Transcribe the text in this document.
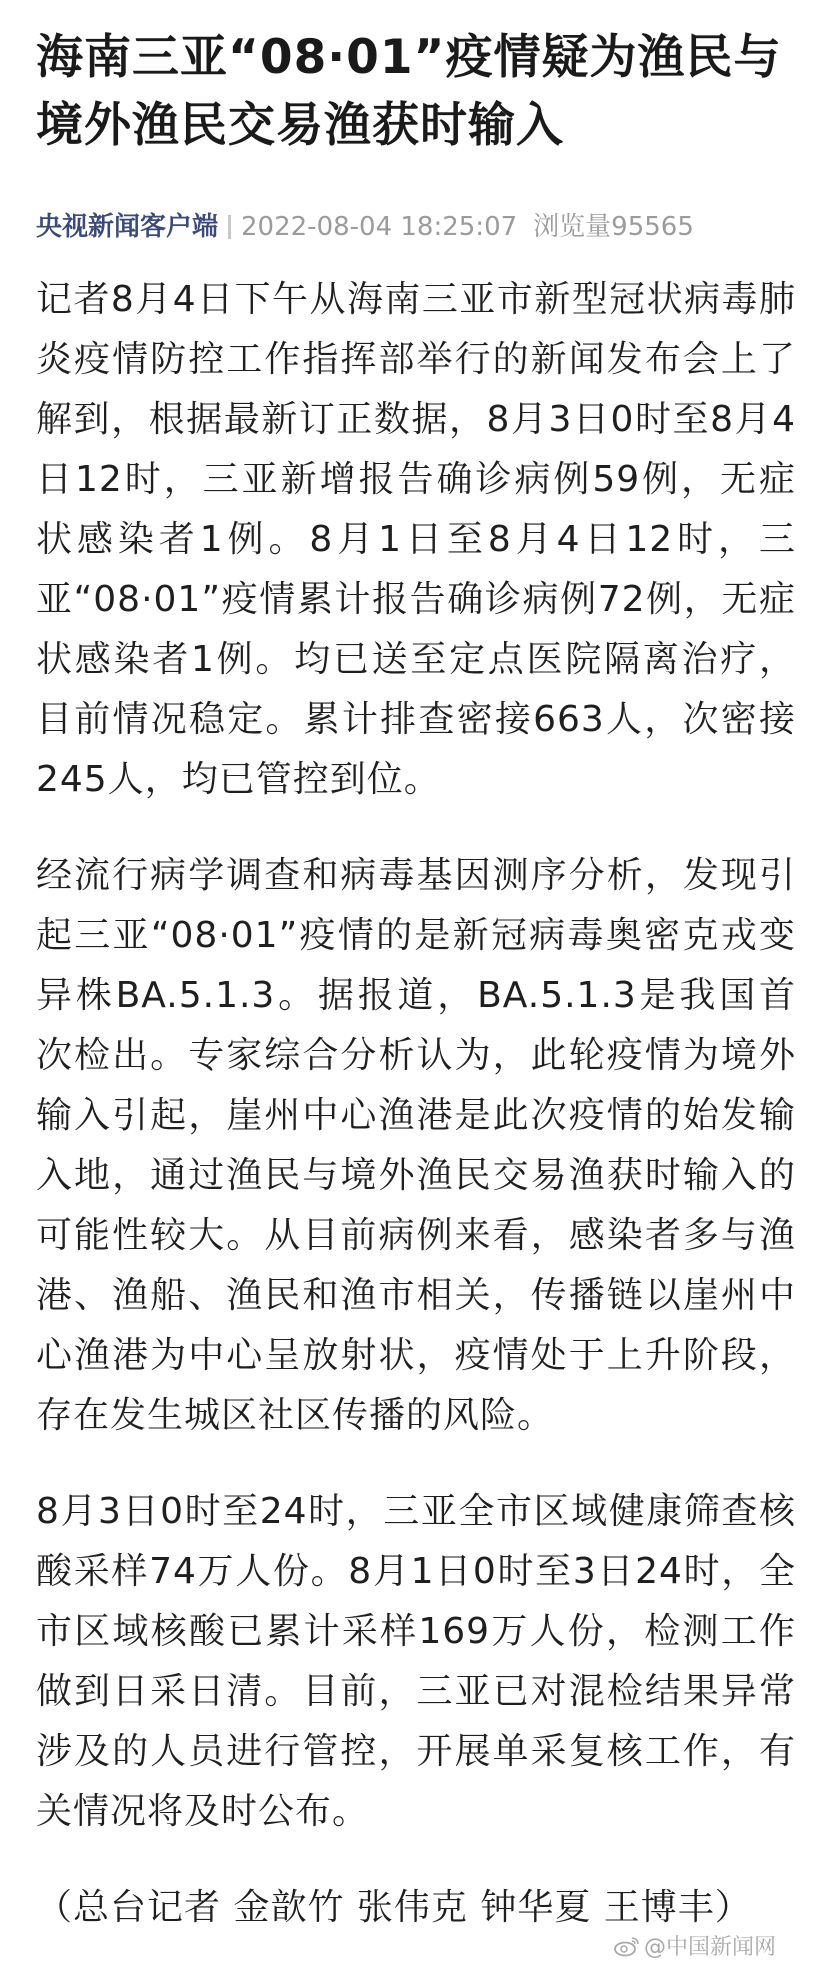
海南三亚“08·01”疫情疑为渔民与境外渔民交易渔获时输入
央视新闻客户端 2022-08-04 18:25:07 浏览量95565

记者8月4日下午从海南三亚市新型冠状病毒肺炎疫情防控工作指挥部举行的新闻发布会上了解到，根据最新订正数据，8月3日0时至8月4日12时，三亚新增报告确诊病例59例，无症状感染者1例。8月1日至8月4日12时，三亚“08·01”疫情累计报告确诊病例72例，无症状感染者1例。均已送至定点医院隔离治疗，目前情况稳定。累计排查密接663人，次密接245人，均已管控到位。

经流行病学调查和病毒基因测序分析，发现引起三亚“08·01”疫情的是新冠病毒奥密克戎变异株BA.5.1.3。据报道，BA.5.1.3是我国首次检出。专家综合分析认为，此轮疫情为境外输入引起，崖州中心渔港是此次疫情的始发输入地，通过渔民与境外渔民交易渔获时输入的可能性较大。从目前病例来看，感染者多与渔港、渔船、渔民和渔市相关，传播链以崖州中心渔港为中心呈放射状，疫情处于上升阶段，存在发生城区社区传播的风险。

8月3日0时至24时，三亚全市区域健康筛查核酸采样74万人份。8月1日0时至3日24时，全市区域核酸已累计采样169万人份，检测工作做到日采日清。目前，三亚已对混检结果异常涉及的人员进行管控，开展单采复核工作，有关情况将及时公布。

（总台记者 金歆竹 张伟克 钟华夏 王博丰）

@中国新闻网
